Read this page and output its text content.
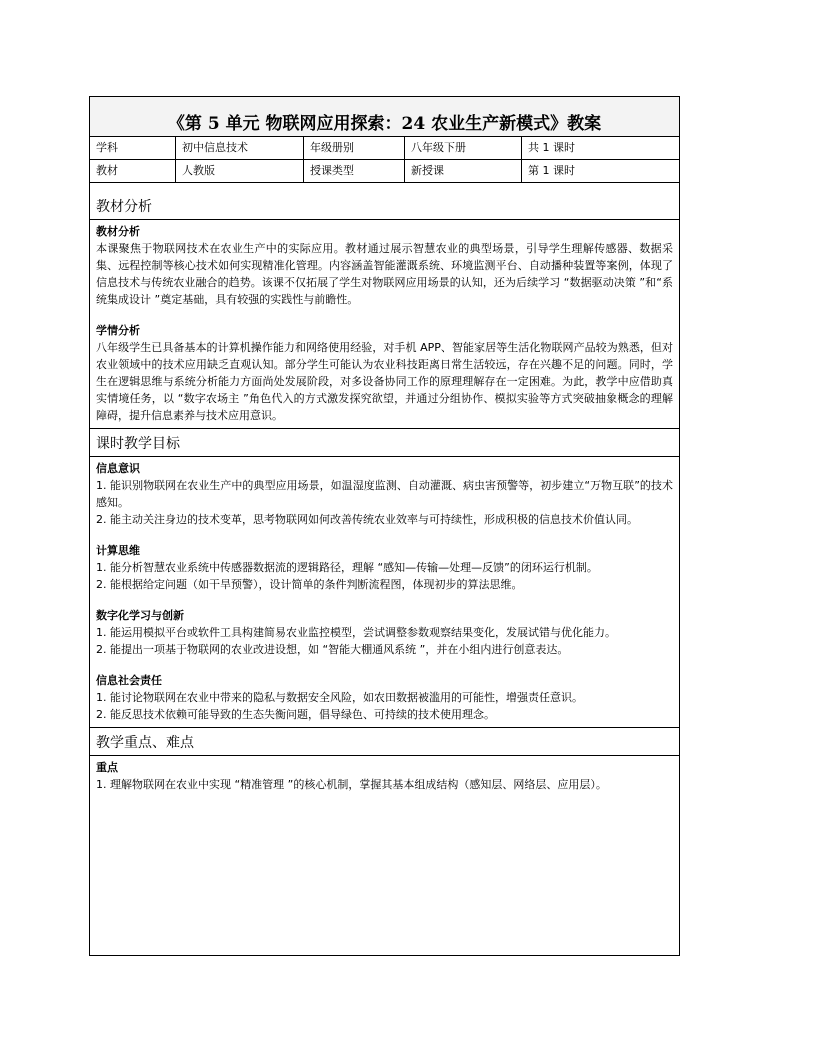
《第 5 单元 物联网应用探索：24 农业生产新模式》教案
学科	初中信息技术	年级册别	八年级下册	共 1 课时
教材	人教版	授课类型	新授课	第 1 课时
教材分析

教材分析

本课聚焦于物联网技术在农业生产中的实际应用。教材通过展示智慧农业的典型场景，引导学生理解传感器、数据采集、远程控制等核心技术如何实现精准化管理。内容涵盖智能灌溉系统、环境监测平台、自动播种装置等案例，体现了信息技术与传统农业融合的趋势。该课不仅拓展了学生对物联网应用场景的认知，还为后续学习 “数据驱动决策 ”和“系统集成设计 ”奠定基础，具有较强的实践性与前瞻性。

学情分析

八年级学生已具备基本的计算机操作能力和网络使用经验，对手机 APP、智能家居等生活化物联网产品较为熟悉，但对农业领域中的技术应用缺乏直观认知。部分学生可能认为农业科技距离日常生活较远，存在兴趣不足的问题。同时，学生在逻辑思维与系统分析能力方面尚处发展阶段，对多设备协同工作的原理理解存在一定困难。为此，教学中应借助真实情境任务，以 “数字农场主 ”角色代入的方式激发探究欲望，并通过分组协作、模拟实验等方式突破抽象概念的理解障碍，提升信息素养与技术应用意识。

课时教学目标

信息意识

1. 能识别物联网在农业生产中的典型应用场景，如温湿度监测、自动灌溉、病虫害预警等，初步建立“万物互联”的技术感知。

2. 能主动关注身边的技术变革，思考物联网如何改善传统农业效率与可持续性，形成积极的信息技术价值认同。

计算思维

1. 能分析智慧农业系统中传感器数据流的逻辑路径，理解 “感知—传输—处理—反馈”的闭环运行机制。

2. 能根据给定问题（如干旱预警），设计简单的条件判断流程图，体现初步的算法思维。

数字化学习与创新

1. 能运用模拟平台或软件工具构建简易农业监控模型，尝试调整参数观察结果变化，发展试错与优化能力。

2. 能提出一项基于物联网的农业改进设想，如 “智能大棚通风系统 ”，并在小组内进行创意表达。

信息社会责任

1. 能讨论物联网在农业中带来的隐私与数据安全风险，如农田数据被滥用的可能性，增强责任意识。

2. 能反思技术依赖可能导致的生态失衡问题，倡导绿色、可持续的技术使用理念。

教学重点、难点

重点

1. 理解物联网在农业中实现 “精准管理 ”的核心机制，掌握其基本组成结构（感知层、网络层、应用层）。
